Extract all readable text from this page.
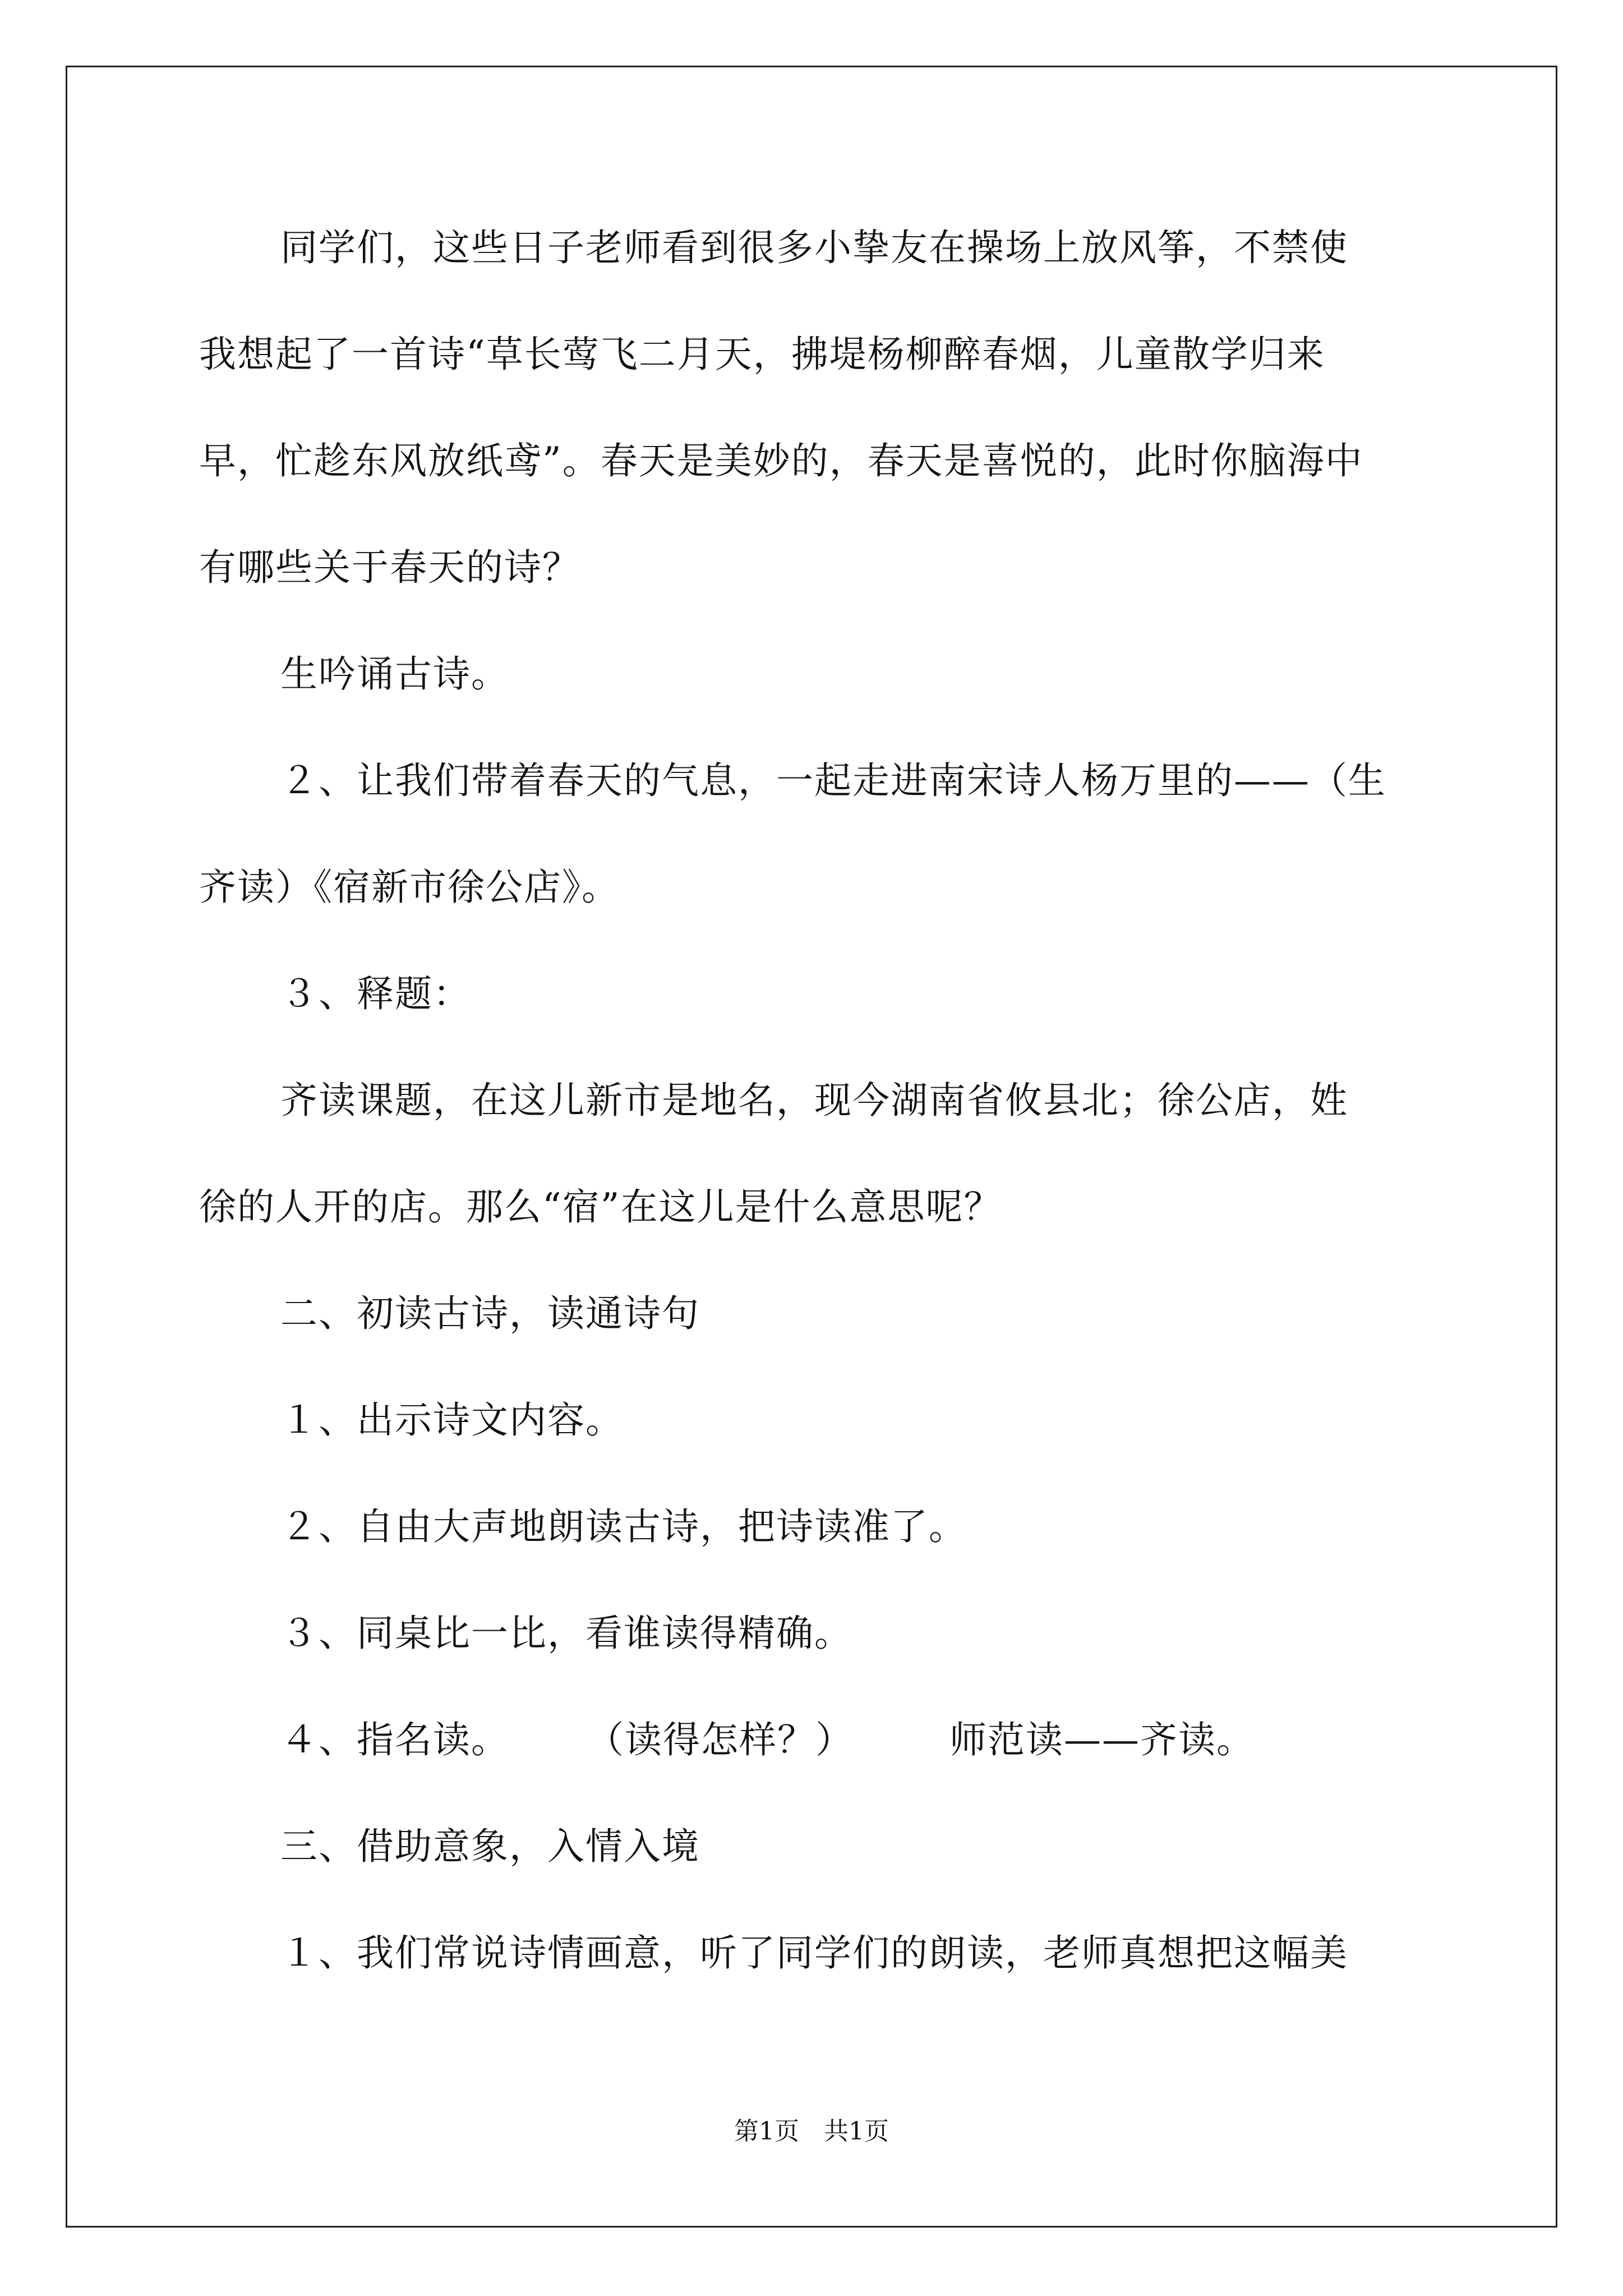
同学们，这些日子老师看到很多小挚友在操场上放风筝，不禁使
我想起了一首诗“草长莺飞二月天，拂堤杨柳醉春烟，儿童散学归来
早，忙趁东风放纸鸢”。春天是美妙的，春天是喜悦的，此时你脑海中
有哪些关于春天的诗？
生吟诵古诗。
２、让我们带着春天的气息，一起走进南宋诗人杨万里的——（生
齐读）《宿新市徐公店》。
３、释题：
齐读课题，在这儿新市是地名，现今湖南省攸县北；徐公店，姓
徐的人开的店。那么“宿”在这儿是什么意思呢？
二、初读古诗，读通诗句
１、出示诗文内容。
２、自由大声地朗读古诗，把诗读准了。
３、同桌比一比，看谁读得精确。
４、指名读。　　　（读得怎样？）　　　师范读——齐读。
三、借助意象，入情入境
１、我们常说诗情画意，听了同学们的朗读，老师真想把这幅美
第1页　共1页
